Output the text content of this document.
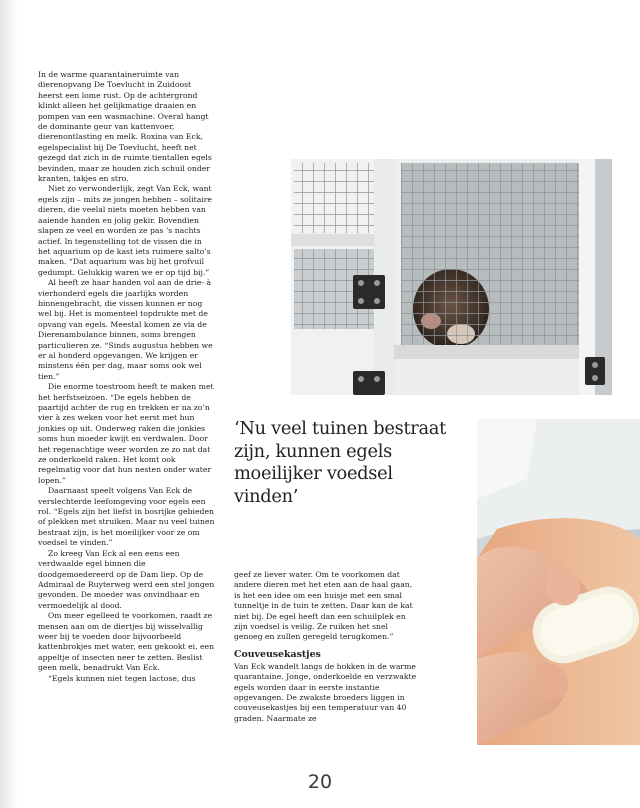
In de warme quarantaineruimte van dierenopvang De Toevlucht in Zuidoost heerst een lome rust. Op de achtergrond klinkt alleen het gelijkmatige draaien en pompen van een wasmachine. Overal hangt de dominante geur van kattenvoer, dierenontlasting en melk. Roxina van Eck, egelspecialist bij De Toevlucht, heeft net gezegd dat zich in de ruimte tientallen egels bevinden, maar ze houden zich schuil onder kranten, takjes en stro.

Niet zo verwonderlijk, zegt Van Eck, want egels zijn – mits ze jongen hebben – solitaire dieren, die veelal niets moeten hebben van aaiende handen en jolig gekir. Bovendien slapen ze veel en worden ze pas ’s nachts actief. In tegenstelling tot de vissen die in het aquarium op de kast iets ruimere salto’s maken. “Dat aquarium was bij het grofvuil gedumpt. Gelukkig waren we er op tijd bij.”

Al heeft ze haar handen vol aan de drie- à vierhonderd egels die jaarlijks worden binnengebracht, die vissen kunnen er nog wel bij. Het is momenteel topdrukte met de opvang van egels. Meestal komen ze via de Dierenambulance binnen, soms brengen particulieren ze. “Sinds augustus hebben we er al honderd opgevangen. We krijgen er minstens één per dag, maar soms ook wel tien.”

Die enorme toestroom heeft te maken met het herfstseizoen. “De egels hebben de paartijd achter de rug en trekken er na zo’n vier à zes weken voor het eerst met hun jonkies op uit. Onderweg raken die jonkies soms hun moeder kwijt en verdwalen. Door het regenachtige weer worden ze zo nat dat ze onderkoeld raken. Het komt ook regelmatig voor dat hun nesten onder water lopen.”

Daarnaast speelt volgens Van Eck de verslechterde leefomgeving voor egels een rol. “Egels zijn het liefst in bosrijke gebieden of plekken met struiken. Maar nu veel tuinen bestraat zijn, is het moeilijker voor ze om voedsel te vinden.”

Zo kreeg Van Eck al een eens een verdwaalde egel binnen die doodgemoedereerd op de Dam liep. Op de Admiraal de Ruyterweg werd een stel jongen gevonden. De moeder was onvindbaar en vermoedelijk al dood.

Om meer egelleed te voorkomen, raadt ze mensen aan om de diertjes bij wisselvallig weer bij te voeden door bijvoorbeeld kattenbrokjes met water, een gekookt ei, een appeltje of insecten neer te zetten. Beslist geen melk, benadrukt Van Eck.

“Egels kunnen niet tegen lactose, dus

‘Nu veel tuinen bestraat zijn, kunnen egels moeilijker voedsel vinden’

geef ze liever water. Om te voorkomen dat andere dieren met het eten aan de haal gaan, is het een idee om een huisje met een smal tunneltje in de tuin te zetten. Daar kan de kat niet bij. De egel heeft dan een schuilplek en zijn voedsel is veilig. Ze ruiken het snel genoeg en zullen geregeld terugkomen.”

Couveusekastjes

Van Eck wandelt langs de hokken in de warme quarantaine. Jonge, onderkoelde en verzwakte egels worden daar in eerste instantie opgevangen. De zwakste broeders liggen in couveusekastjes bij een temperatuur van 40 graden. Naarmate ze

20
